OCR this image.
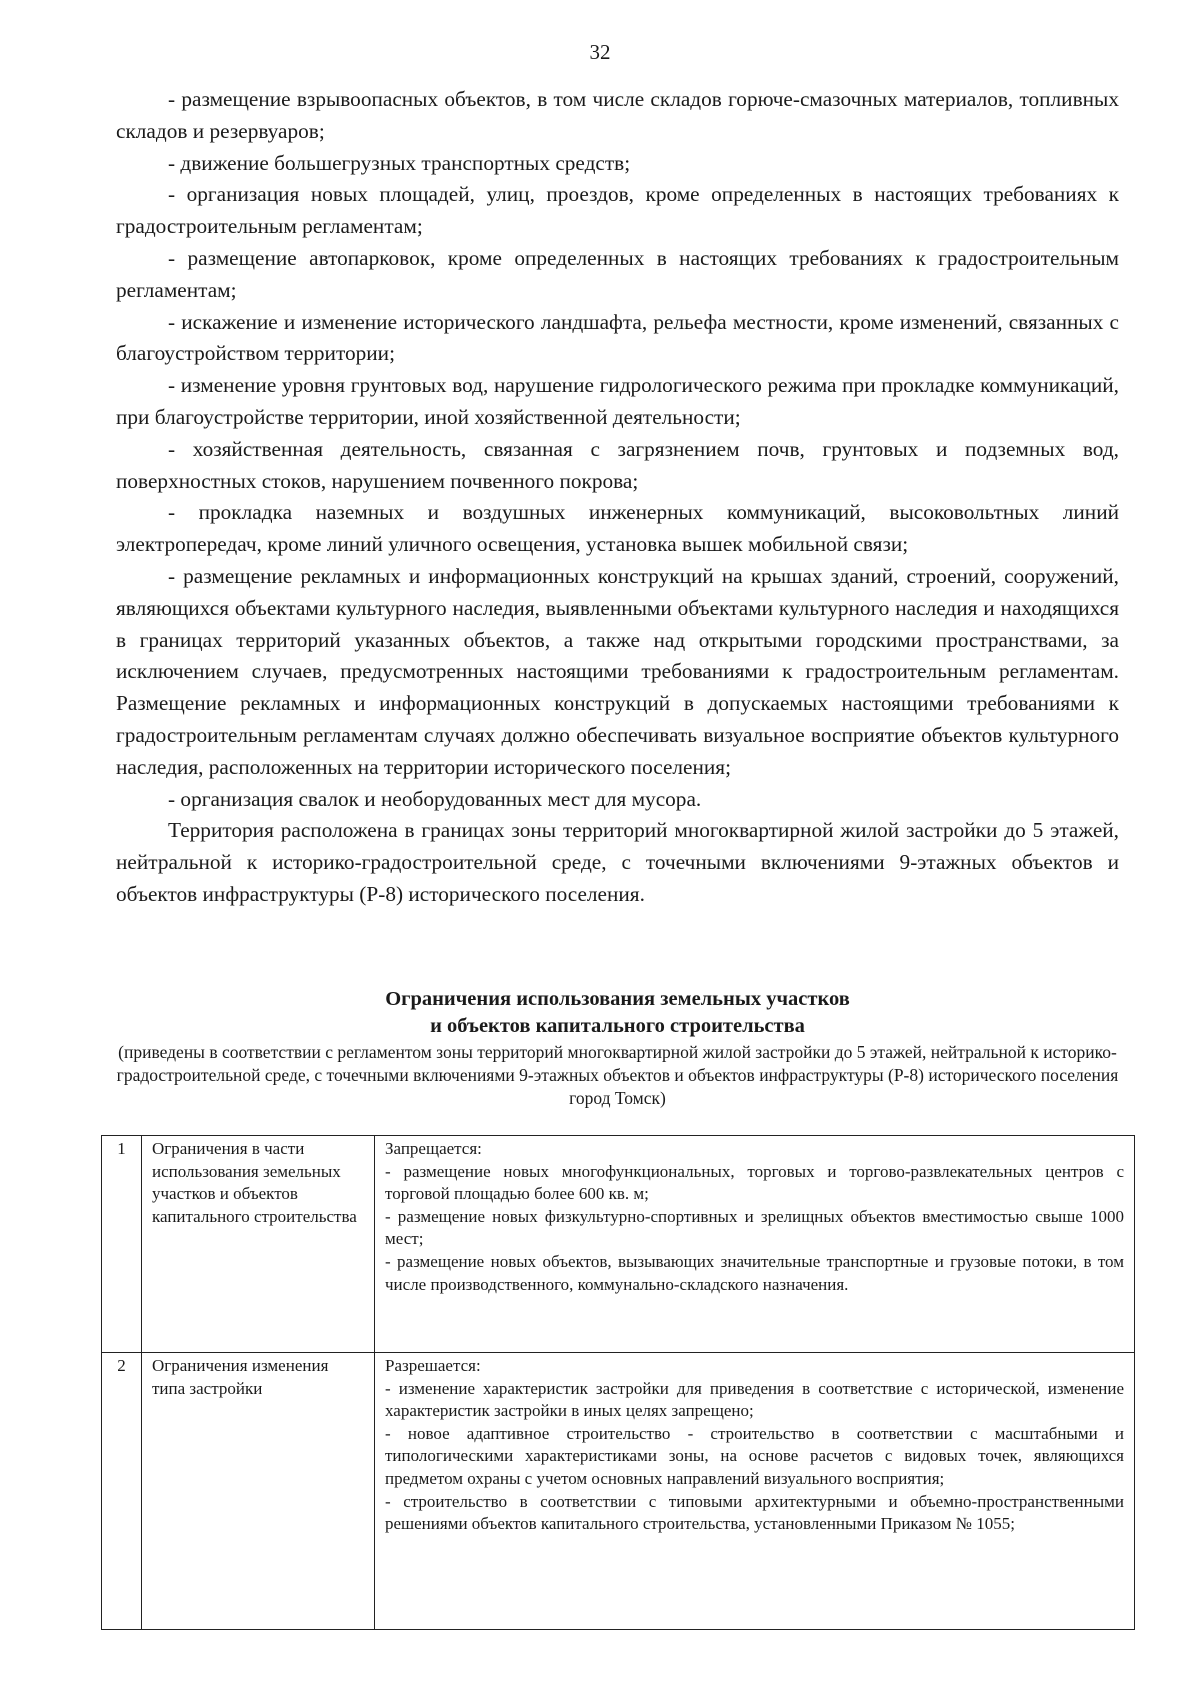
32

- размещение взрывоопасных объектов, в том числе складов горюче-смазочных материалов, топливных складов и резервуаров;

- движение большегрузных транспортных средств;

- организация новых площадей, улиц, проездов, кроме определенных в настоящих требованиях к градостроительным регламентам;

- размещение автопарковок, кроме определенных в настоящих требованиях к градостроительным регламентам;

- искажение и изменение исторического ландшафта, рельефа местности, кроме изменений, связанных с благоустройством территории;

- изменение уровня грунтовых вод, нарушение гидрологического режима при прокладке коммуникаций, при благоустройстве территории, иной хозяйственной деятельности;

- хозяйственная деятельность, связанная с загрязнением почв, грунтовых и подземных вод, поверхностных стоков, нарушением почвенного покрова;

- прокладка наземных и воздушных инженерных коммуникаций, высоковольтных линий электропередач, кроме линий уличного освещения, установка вышек мобильной связи;

- размещение рекламных и информационных конструкций на крышах зданий, строений, сооружений, являющихся объектами культурного наследия, выявленными объектами культурного наследия и находящихся в границах территорий указанных объектов, а также над открытыми городскими пространствами, за исключением случаев, предусмотренных настоящими требованиями к градостроительным регламентам. Размещение рекламных и информационных конструкций в допускаемых настоящими требованиями к градостроительным регламентам случаях должно обеспечивать визуальное восприятие объектов культурного наследия, расположенных на территории исторического поселения;

- организация свалок и необорудованных мест для мусора.

Территория расположена в границах зоны территорий многоквартирной жилой застройки до 5 этажей, нейтральной к историко-градостроительной среде, с точечными включениями 9-этажных объектов и объектов инфраструктуры (Р-8) исторического поселения.

Ограничения использования земельных участков
и объектов капитального строительства
(приведены в соответствии с регламентом зоны территорий многоквартирной жилой застройки до 5 этажей, нейтральной к историко-градостроительной среде, с точечными включениями 9-этажных объектов и объектов инфраструктуры (Р-8) исторического поселения город Томск)
1	Ограничения в части использования земельных участков и объектов капитального строительства	Запрещается:
- размещение новых многофункциональных, торговых и торгово-развлекательных центров с торговой площадью более 600 кв. м;
- размещение новых физкультурно-спортивных и зрелищных объектов вместимостью свыше 1000 мест;
- размещение новых объектов, вызывающих значительные транспортные и грузовые потоки, в том числе производственного, коммунально-складского назначения.

2	Ограничения изменения типа застройки	Разрешается:
- изменение характеристик застройки для приведения в соответствие с исторической, изменение характеристик застройки в иных целях запрещено;
- новое адаптивное строительство - строительство в соответствии с масштабными и типологическими характеристиками зоны, на основе расчетов с видовых точек, являющихся предметом охраны с учетом основных направлений визуального восприятия;
- строительство в соответствии с типовыми архитектурными и объемно-пространственными решениями объектов капитального строительства, установленными Приказом № 1055;
